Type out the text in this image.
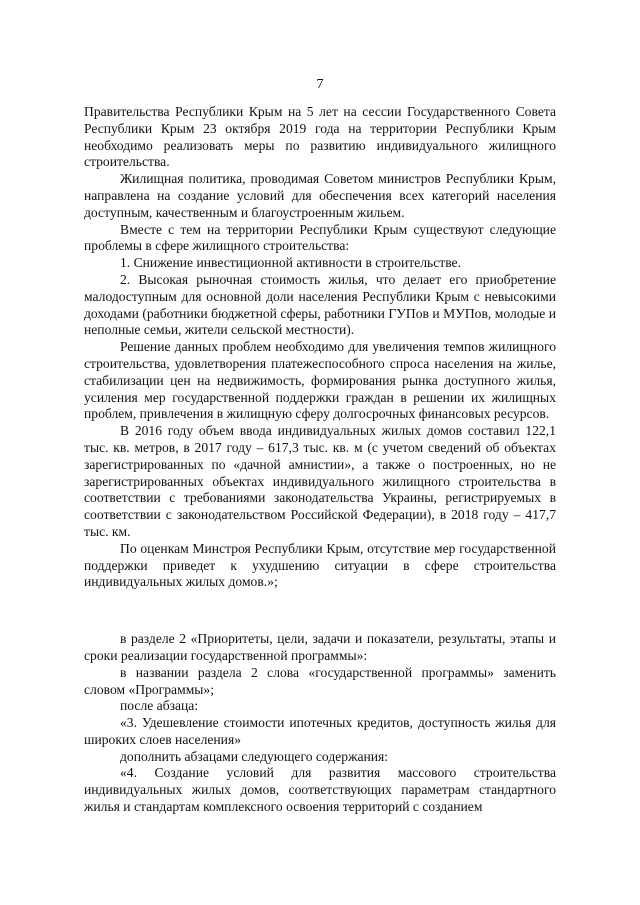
7

Правительства Республики Крым на 5 лет на сессии Государственного Совета Республики Крым 23 октября 2019 года на территории Республики Крым необходимо реализовать меры по развитию индивидуального жилищного строительства.

Жилищная политика, проводимая Советом министров Республики Крым, направлена на создание условий для обеспечения всех категорий населения доступным, качественным и благоустроенным жильем.

Вместе с тем на территории Республики Крым существуют следующие проблемы в сфере жилищного строительства:

1. Снижение инвестиционной активности в строительстве.

2. Высокая рыночная стоимость жилья, что делает его приобретение малодоступным для основной доли населения Республики Крым с невысокими доходами (работники бюджетной сферы, работники ГУПов и МУПов, молодые и неполные семьи, жители сельской местности).

Решение данных проблем необходимо для увеличения темпов жилищного строительства, удовлетворения платежеспособного спроса населения на жилье, стабилизации цен на недвижимость, формирования рынка доступного жилья, усиления мер государственной поддержки граждан в решении их жилищных проблем, привлечения в жилищную сферу долгосрочных финансовых ресурсов.

В 2016 году объем ввода индивидуальных жилых домов составил 122,1 тыс. кв. метров, в 2017 году – 617,3 тыс. кв. м (с учетом сведений об объектах зарегистрированных по «дачной амнистии», а также о построенных, но не зарегистрированных объектах индивидуального жилищного строительства в соответствии с требованиями законодательства Украины, регистрируемых в соответствии с законодательством Российской Федерации), в 2018 году – 417,7 тыс. км.

По оценкам Минстроя Республики Крым, отсутствие мер государственной поддержки приведет к ухудшению ситуации в сфере строительства индивидуальных жилых домов.»;

в разделе 2 «Приоритеты, цели, задачи и показатели, результаты, этапы и сроки реализации государственной программы»:

в названии раздела 2 слова «государственной программы» заменить словом «Программы»;

после абзаца:

«3. Удешевление стоимости ипотечных кредитов, доступность жилья для широких слоев населения»

дополнить абзацами следующего содержания:

«4. Создание условий для развития массового строительства индивидуальных жилых домов, соответствующих параметрам стандартного жилья и стандартам комплексного освоения территорий с созданием
